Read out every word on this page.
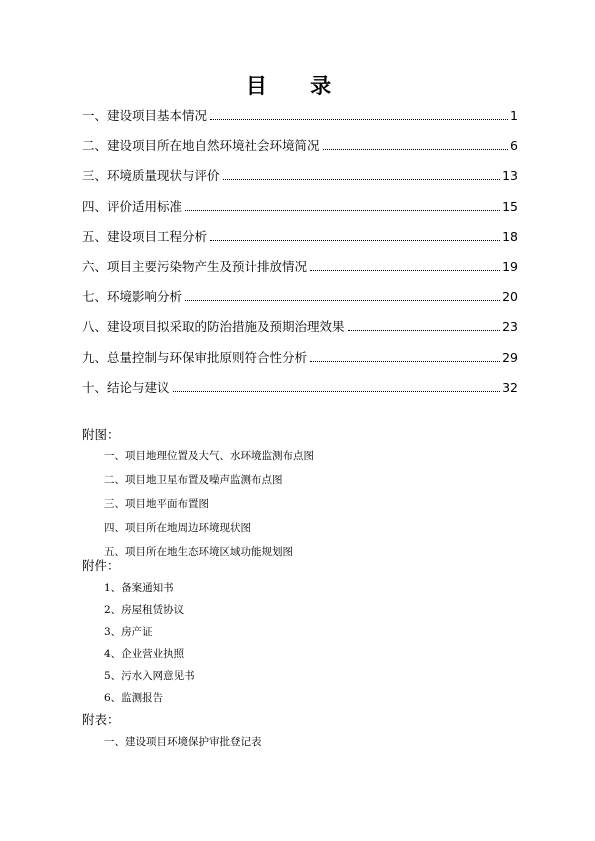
目 录
一、建设项目基本情况	1
二、建设项目所在地自然环境社会环境简况	6
三、环境质量现状与评价	13
四、评价适用标准	15
五、建设项目工程分析	18
六、项目主要污染物产生及预计排放情况	19
七、环境影响分析	20
八、建设项目拟采取的防治措施及预期治理效果	23
九、总量控制与环保审批原则符合性分析	29
十、结论与建议	32
附图：
一、项目地理位置及大气、水环境监测布点图
二、项目地卫星布置及噪声监测布点图
三、项目地平面布置图
四、项目所在地周边环境现状图
五、项目所在地生态环境区域功能规划图
附件：
1、备案通知书
2、房屋租赁协议
3、房产证
4、企业营业执照
5、污水入网意见书
6、监测报告
附表：
一、建设项目环境保护审批登记表
